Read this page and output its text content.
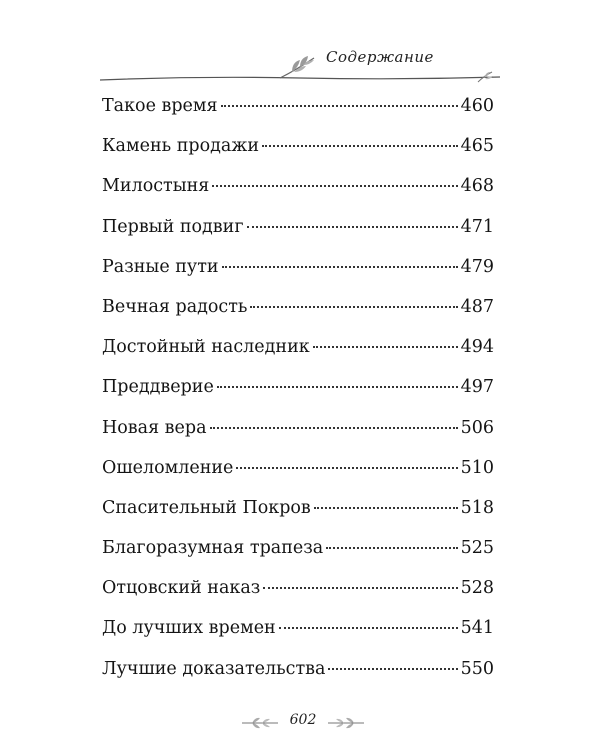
Содержание
Такое время	460
Камень продажи	465
Милостыня	468
Первый подвиг	471
Разные пути	479
Вечная радость	487
Достойный наследник	494
Преддверие	497
Новая вера	506
Ошеломление	510
Спасительный Покров	518
Благоразумная трапеза	525
Отцовский наказ	528
До лучших времен	541
Лучшие доказательства	550
602
